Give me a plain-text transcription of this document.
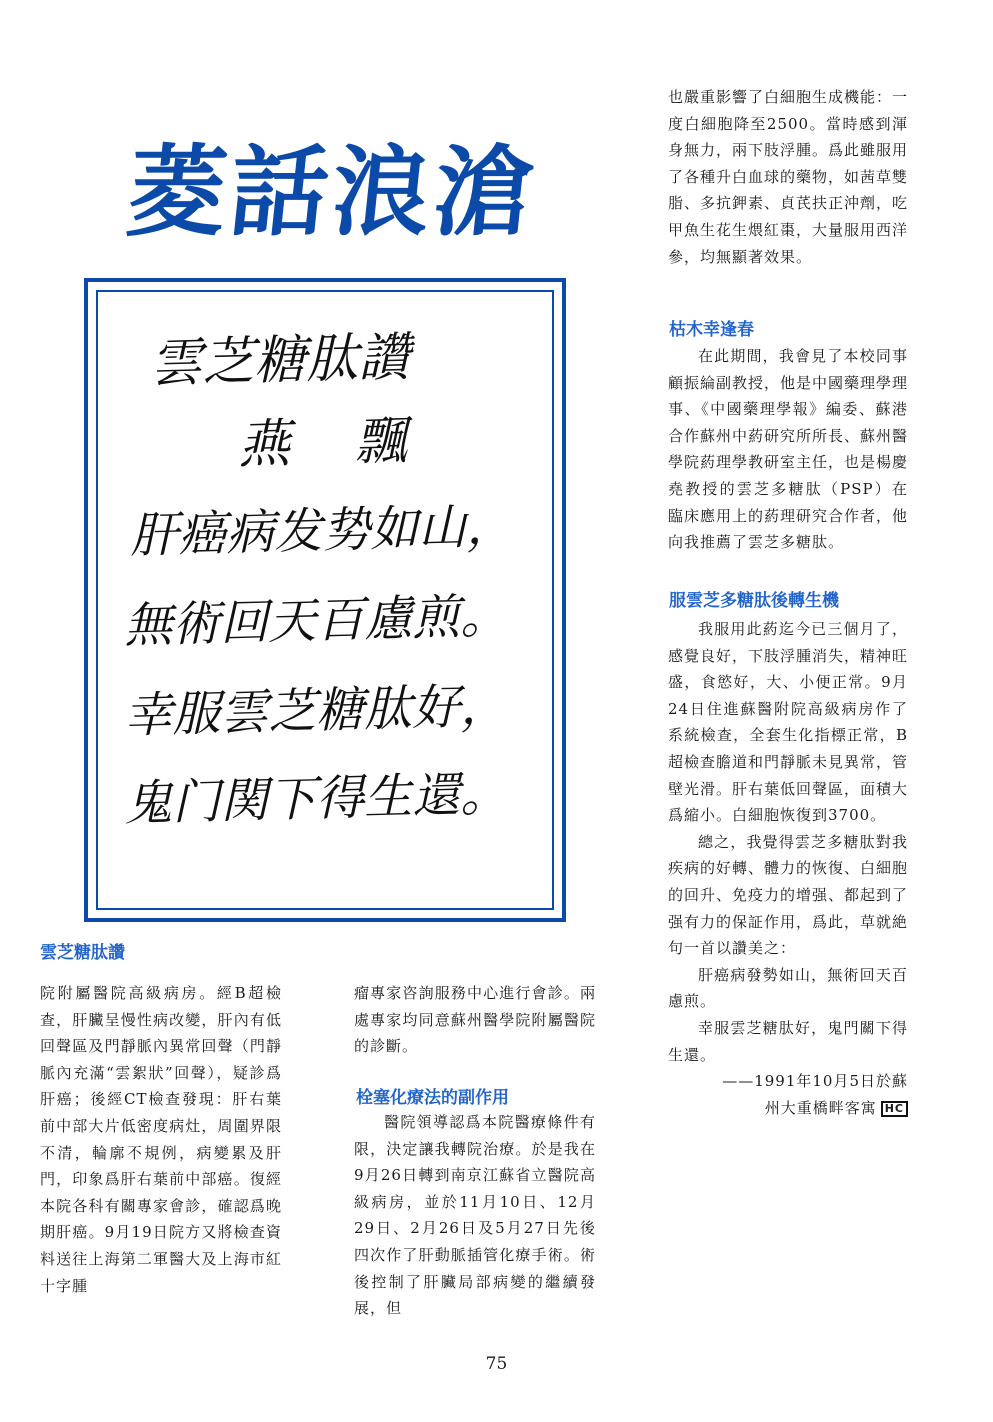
菱話浪滄
雲芝糖肽讚
燕 飄
肝癌病发势如山，
無術回天百慮煎。
幸服雲芝糖肽好，
鬼门関下得生還。
雲芝糖肽讚

院附屬醫院高級病房。經B超檢查，肝臟呈慢性病改變，肝內有低回聲區及門靜脈內異常回聲（門靜脈內充滿“雲絮狀”回聲），疑診爲肝癌；後經CT檢查發現：肝右葉前中部大片低密度病灶，周圍界限不清，輪廓不規例，病變累及肝門，印象爲肝右葉前中部癌。復經本院各科有關專家會診，確認爲晚期肝癌。9月19日院方又將檢查資料送往上海第二軍醫大及上海市紅十字腫

瘤專家咨詢服務中心進行會診。兩處專家均同意蘇州醫學院附屬醫院的診斷。

栓塞化療法的副作用

醫院領導認爲本院醫療條件有限，決定讓我轉院治療。於是我在9月26日轉到南京江蘇省立醫院高級病房，並於11月10日、12月29日、2月26日及5月27日先後四次作了肝動脈插管化療手術。術後控制了肝臟局部病變的繼續發展，但

也嚴重影響了白細胞生成機能：一度白細胞降至2500。當時感到渾身無力，兩下肢浮腫。爲此雖服用了各種升白血球的藥物，如茜草雙脂、多抗鉀素、貞芪扶正沖劑，吃甲魚生花生煨紅棗，大量服用西洋參，均無顯著效果。

枯木幸逢春

在此期間，我會見了本校同事顧振綸副教授，他是中國藥理學理事、《中國藥理學報》編委、蘇港合作蘇州中葯研究所所長、蘇州醫學院葯理學教研室主任，也是楊慶堯教授的雲芝多糖肽（PSP）在臨床應用上的葯理研究合作者，他向我推薦了雲芝多糖肽。

服雲芝多糖肽後轉生機

我服用此葯迄今已三個月了，感覺良好，下肢浮腫消失，精神旺盛，食慾好，大、小便正常。9月24日住進蘇醫附院高級病房作了系統檢查，全套生化指標正常，B超檢查膽道和門靜脈未見異常，管壁光滑。肝右葉低回聲區，面積大爲縮小。白細胞恢復到3700。

總之，我覺得雲芝多糖肽對我疾病的好轉、體力的恢復、白細胞的回升、免疫力的增强、都起到了强有力的保証作用，爲此，草就絶句一首以讚美之：

肝癌病發勢如山，無術回天百慮煎。

幸服雲芝糖肽好，鬼門關下得生還。

——1991年10月5日於蘇

州大重橋畔客寓 HC

75
